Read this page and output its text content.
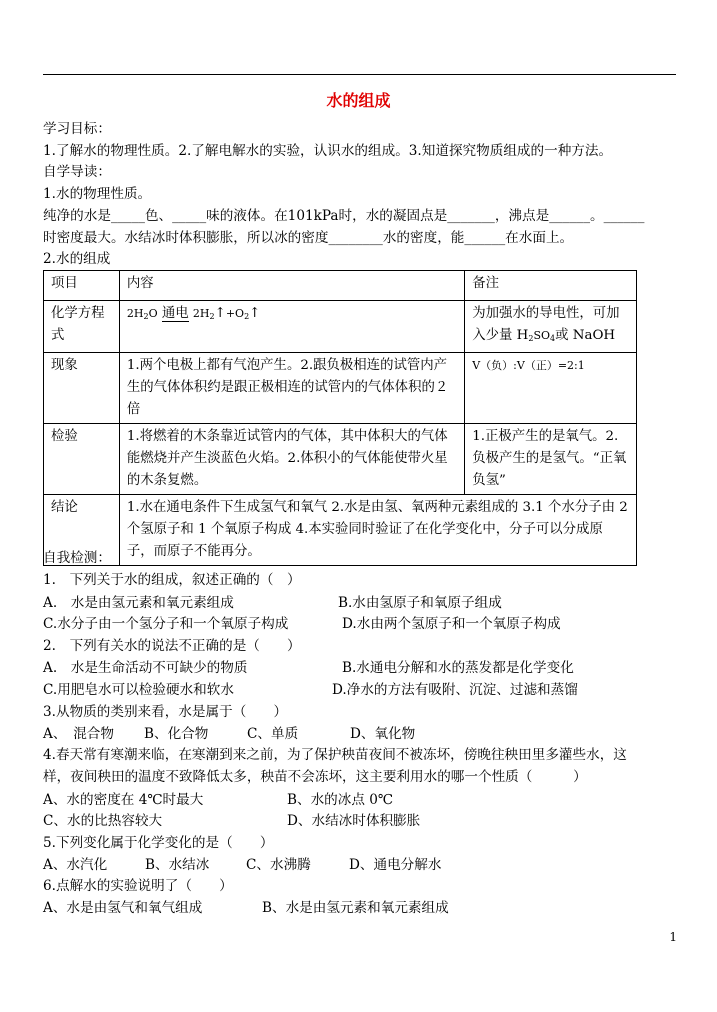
水的组成
学习目标：
1.了解水的物理性质。2.了解电解水的实验，认识水的组成。3.知道探究物质组成的一种方法。
自学导读：
1.水的物理性质。
纯净的水是_____色、_____味的液体。在101kPa时，水的凝固点是_______，沸点是______。______
时密度最大。水结冰时体积膨胀，所以冰的密度________水的密度，能______在水面上。
2.水的组成
项目	内容	备注
化学方程式	$2H_2O$ 通电 $2H_2↑+O_2↑$	为加强水的导电性，可加
入少量 $H_2SO_4$或 NaOH

现象	1.两个电极上都有气泡产生。2.跟负极相连的试管内产生的气体体积约是跟正极相连的试管内的气体体积的２倍	V（负）:V（正）=2:1
检验	1.将燃着的木条靠近试管内的气体，其中体积大的气体能燃烧并产生淡蓝色火焰。2.体积小的气体能使带火星的木条复燃。	1.正极产生的是氧气。2.负极产生的是氢气。“正氧负氢”
结论	1.水在通电条件下生成氢气和氧气 2.水是由氢、氧两种元素组成的 3.1 个水分子由 2 个氢原子和 1 个氧原子构成 4.本实验同时验证了在化学变化中，分子可以分成原子，而原子不能再分。	
自我检测：
1.　下列关于水的组成，叙述正确的（　）
A.　水是由氢元素和氧元素组成	B.水由氢原子和氧原子组成
C.水分子由一个氢分子和一个氧原子构成	D.水由两个氢原子和一个氧原子构成
2.　下列有关水的说法不正确的是（　　）
A.　水是生命活动不可缺少的物质	B.水通电分解和水的蒸发都是化学变化
C.用肥皂水可以检验硬水和软水	D.净水的方法有吸附、沉淀、过滤和蒸馏
3.从物质的类别来看，水是属于（　　）
A、　混合物 B、化合物	C、单质	D、氧化物
4.春天常有寒潮来临，在寒潮到来之前，为了保护秧苗夜间不被冻坏，傍晚往秧田里多灌些水，这
样，夜间秧田的温度不致降低太多，秧苗不会冻坏，这主要利用水的哪一个性质（　　　）
A、水的密度在 4℃时最大	B、水的冰点 0℃
C、水的比热容较大	D、水结冰时体积膨胀
5.下列变化属于化学变化的是（　　）
A、水汽化	B、水结冰	C、水沸腾	D、通电分解水
6.点解水的实验说明了（　　）
A、水是由氢气和氧气组成	B、水是由氢元素和氧元素组成
1
